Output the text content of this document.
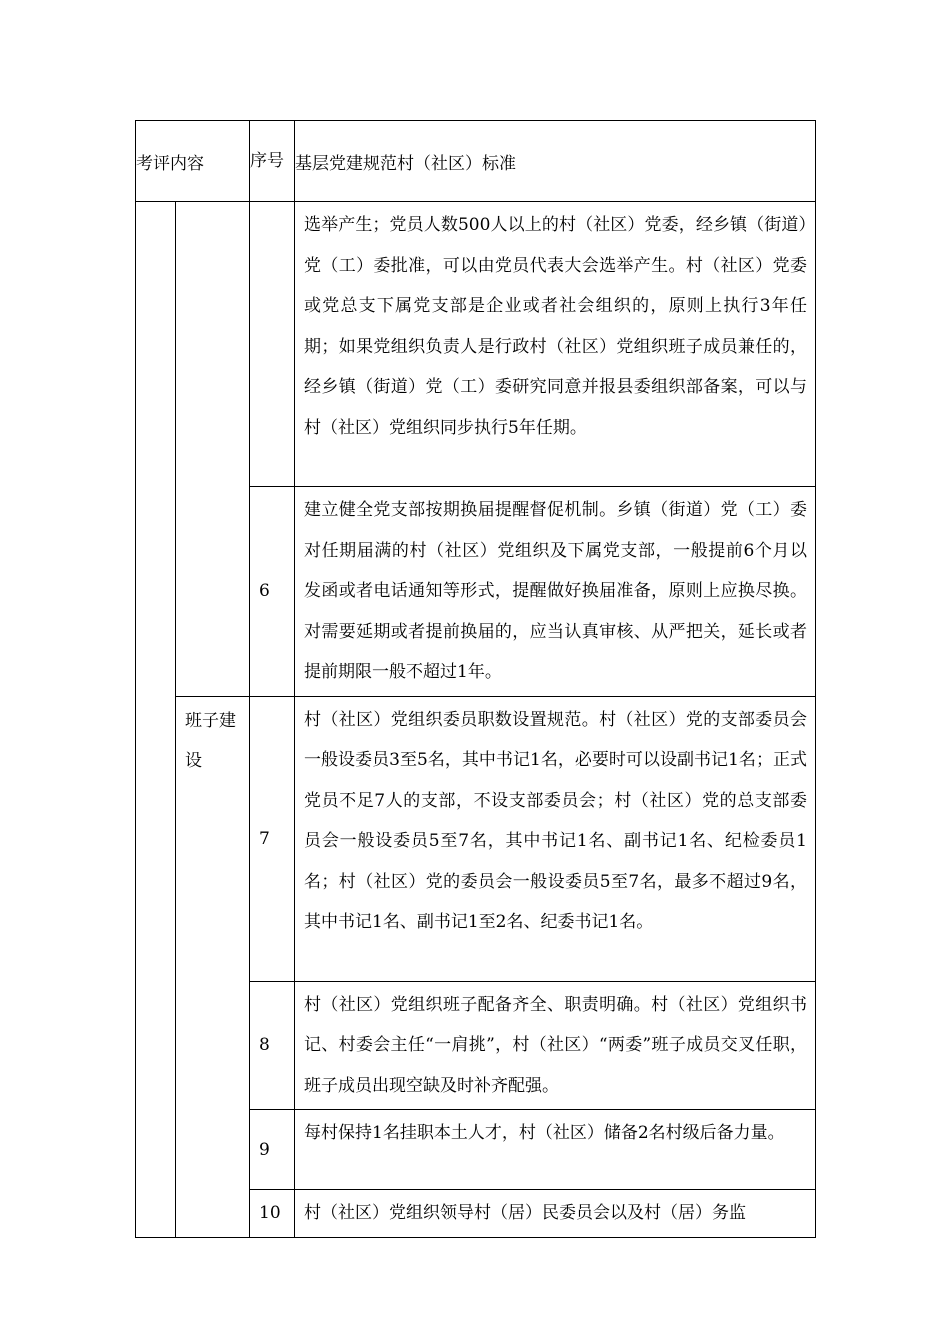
考评内容		序号	基层党建规范村（社区）标准
			选举产生；党员人数500人以上的村（社区）党委，经乡镇（街道）党（工）委批准，可以由党员代表大会选举产生。村（社区）党委或党总支下属党支部是企业或者社会组织的，原则上执行3年任期；如果党组织负责人是行政村（社区）党组织班子成员兼任的，经乡镇（街道）党（工）委研究同意并报县委组织部备案，可以与村（社区）党组织同步执行5年任期。
		6	建立健全党支部按期换届提醒督促机制。乡镇（街道）党（工）委对任期届满的村（社区）党组织及下属党支部，一般提前6个月以发函或者电话通知等形式，提醒做好换届准备，原则上应换尽换。对需要延期或者提前换届的，应当认真审核、从严把关，延长或者提前期限一般不超过1年。
	班子建设	7	村（社区）党组织委员职数设置规范。村（社区）党的支部委员会一般设委员3至5名，其中书记1名，必要时可以设副书记1名；正式党员不足7人的支部，不设支部委员会；村（社区）党的总支部委员会一般设委员5至7名，其中书记1名、副书记1名、纪检委员1名；村（社区）党的委员会一般设委员5至7名，最多不超过9名，其中书记1名、副书记1至2名、纪委书记1名。
		8	村（社区）党组织班子配备齐全、职责明确。村（社区）党组织书记、村委会主任“一肩挑”，村（社区）“两委”班子成员交叉任职，班子成员出现空缺及时补齐配强。
		9	每村保持1名挂职本土人才，村（社区）储备2名村级后备力量。
		10	村（社区）党组织领导村（居）民委员会以及村（居）务监
